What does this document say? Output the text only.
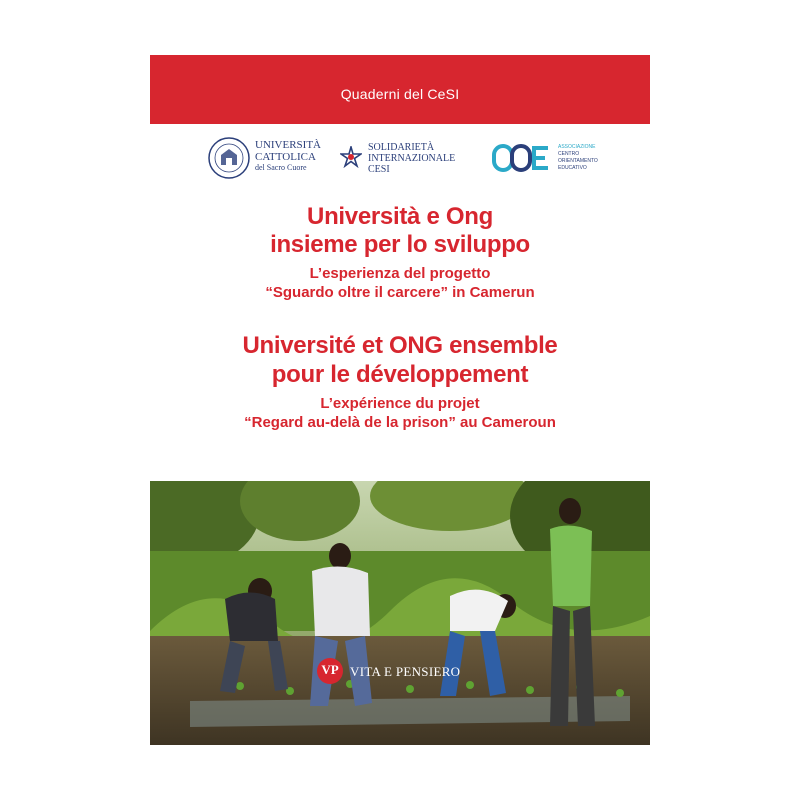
Quaderni del CeSI
UNIVERSITÀ
CATTOLICA
del Sacro Cuore
SOLIDARIETÀ
INTERNAZIONALE
CESI
ASSOCIAZIONE
CENTRO
ORIENTAMENTO
EDUCATIVO
Università e Ong
insieme per lo sviluppo
L’esperienza del progetto
“Sguardo oltre il carcere” in Camerun
Université et ONG ensemble
pour le développement
L’expérience du projet
“Regard au-delà de la prison” au Cameroun
VP VITA E PENSIERO
